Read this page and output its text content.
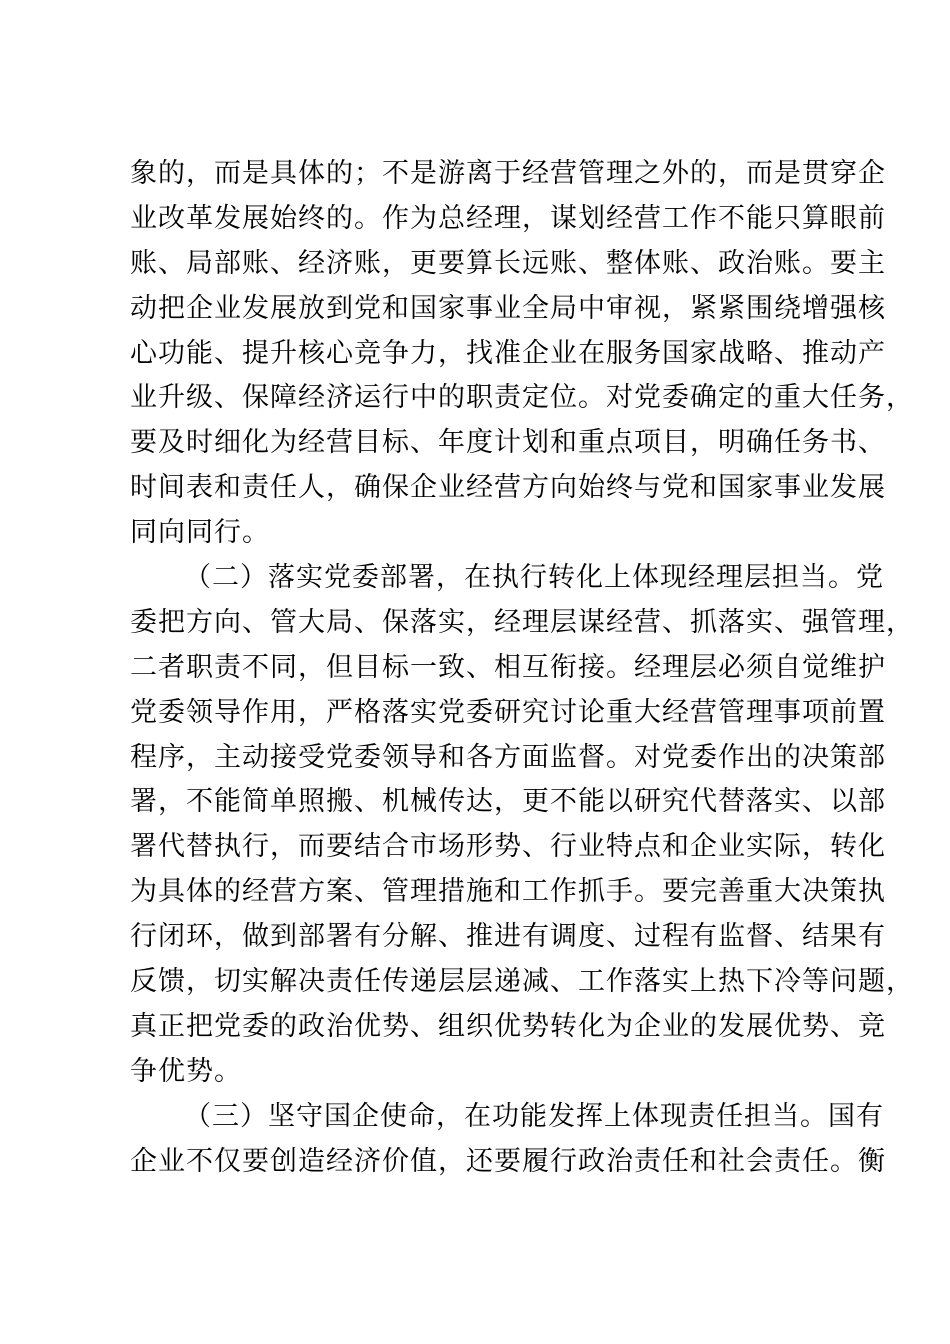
象的，而是具体的；不是游离于经营管理之外的，而是贯穿企
业改革发展始终的。作为总经理，谋划经营工作不能只算眼前
账、局部账、经济账，更要算长远账、整体账、政治账。要主
动把企业发展放到党和国家事业全局中审视，紧紧围绕增强核
心功能、提升核心竞争力，找准企业在服务国家战略、推动产
业升级、保障经济运行中的职责定位。对党委确定的重大任务，
要及时细化为经营目标、年度计划和重点项目，明确任务书、
时间表和责任人，确保企业经营方向始终与党和国家事业发展
同向同行。
（二）落实党委部署，在执行转化上体现经理层担当。党
委把方向、管大局、保落实，经理层谋经营、抓落实、强管理，
二者职责不同，但目标一致、相互衔接。经理层必须自觉维护
党委领导作用，严格落实党委研究讨论重大经营管理事项前置
程序，主动接受党委领导和各方面监督。对党委作出的决策部
署，不能简单照搬、机械传达，更不能以研究代替落实、以部
署代替执行，而要结合市场形势、行业特点和企业实际，转化
为具体的经营方案、管理措施和工作抓手。要完善重大决策执
行闭环，做到部署有分解、推进有调度、过程有监督、结果有
反馈，切实解决责任传递层层递减、工作落实上热下冷等问题，
真正把党委的政治优势、组织优势转化为企业的发展优势、竞
争优势。
（三）坚守国企使命，在功能发挥上体现责任担当。国有
企业不仅要创造经济价值，还要履行政治责任和社会责任。衡
